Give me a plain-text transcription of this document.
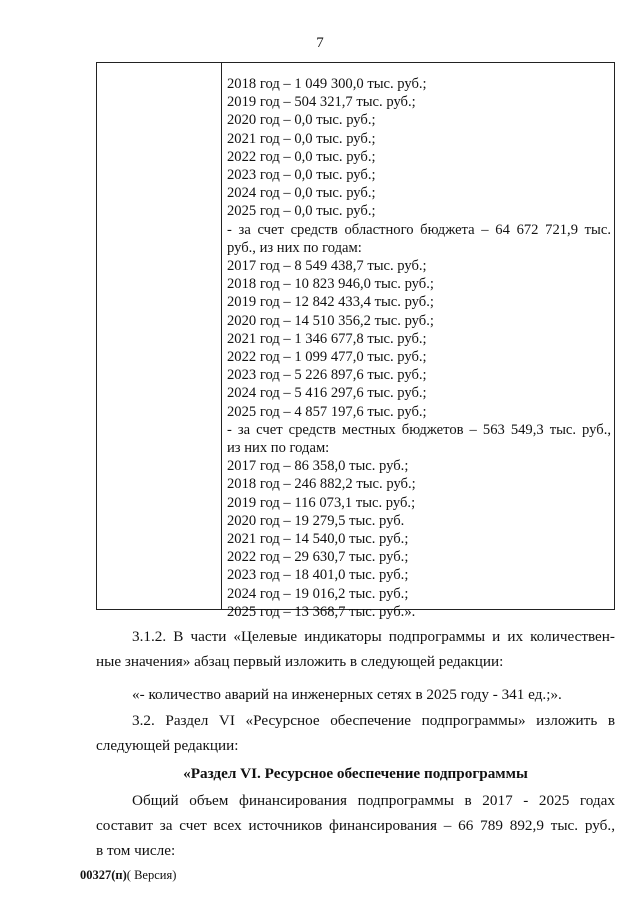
7
2018 год – 1 049 300,0 тыс. руб.;
2019 год – 504 321,7 тыс. руб.;
2020 год – 0,0 тыс. руб.;
2021 год – 0,0 тыс. руб.;
2022 год – 0,0 тыс. руб.;
2023 год – 0,0 тыс. руб.;
2024 год – 0,0 тыс. руб.;
2025 год – 0,0 тыс. руб.;
- за счет средств областного бюджета – 64 672 721,9 тыс.
руб., из них по годам:
2017 год – 8 549 438,7 тыс. руб.;
2018 год – 10 823 946,0 тыс. руб.;
2019 год – 12 842 433,4 тыс. руб.;
2020 год – 14 510 356,2 тыс. руб.;
2021 год – 1 346 677,8 тыс. руб.;
2022 год – 1 099 477,0 тыс. руб.;
2023 год – 5 226 897,6 тыс. руб.;
2024 год – 5 416 297,6 тыс. руб.;
2025 год – 4 857 197,6 тыс. руб.;
- за счет средств местных бюджетов – 563 549,3 тыс. руб.,
из них по годам:
2017 год – 86 358,0 тыс. руб.;
2018 год – 246 882,2 тыс. руб.;
2019 год – 116 073,1 тыс. руб.;
2020 год – 19 279,5 тыс. руб.
2021 год – 14 540,0 тыс. руб.;
2022 год – 29 630,7 тыс. руб.;
2023 год – 18 401,0 тыс. руб.;
2024 год – 19 016,2 тыс. руб.;
2025 год – 13 368,7 тыс. руб.».
3.1.2. В части «Целевые индикаторы подпрограммы и их количествен-
ные значения» абзац первый изложить в следующей редакции:
«- количество аварий на инженерных сетях в 2025 году - 341 ед.;».
3.2. Раздел VI «Ресурсное обеспечение подпрограммы» изложить в
следующей редакции:
«Раздел VI. Ресурсное обеспечение подпрограммы
Общий объем финансирования подпрограммы в 2017 - 2025 годах
составит за счет всех источников финансирования – 66 789 892,9 тыс. руб.,
в том числе:
00327(п)( Версия)
